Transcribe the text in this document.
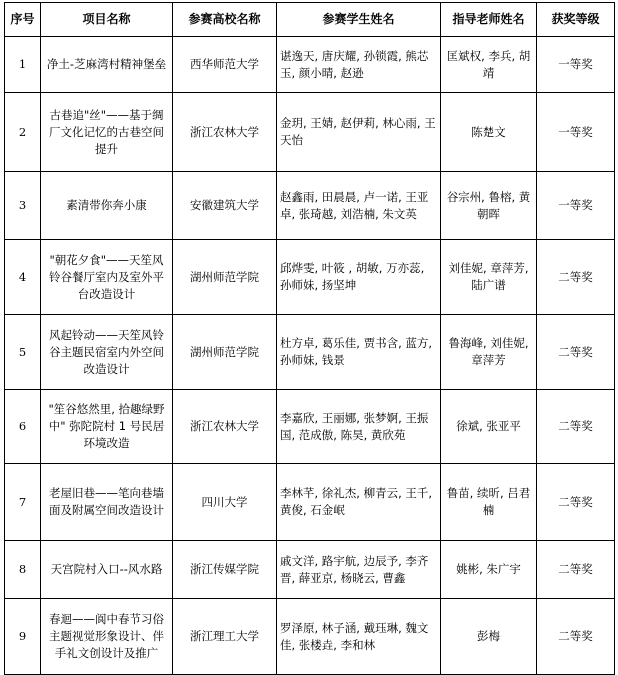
序号	项目名称	参赛高校名称	参赛学生姓名	指导老师姓名	获奖等级
1	净土-芝麻湾村精神堡垒	西华师范大学	谌逸天, 唐庆耀, 孙锁霞, 熊芯玉, 颜小晴, 赵逊	匡斌权, 李兵, 胡靖	一等奖
2	古巷追"丝"——基于绸厂文化记忆的古巷空间提升	浙江农林大学	金玥, 王婧, 赵伊莉, 林心雨, 王天怡	陈楚文	一等奖
3	素清带你奔小康	安徽建筑大学	赵鑫雨, 田晨晨, 卢一诺, 王亚卓, 张琦越, 刘浩楠, 朱文英	谷宗州, 鲁榕, 黄朝晖	一等奖
4	"朝花夕食"——天笙风铃谷餐厅室内及室外平台改造设计	湖州师范学院	邱烨雯, 叶筱 , 胡敏, 万亦蕊, 孙师妹, 扬坚坤	刘佳妮, 章萍芳, 陆广谱	二等奖
5	风起铃动——天笙风铃谷主题民宿室内外空间改造设计	湖州师范学院	杜方卓, 葛乐佳, 贾书含, 蓝方, 孙师妹, 钱景	鲁海峰, 刘佳妮, 章萍芳	二等奖
6	"笙谷悠然里, 拾趣绿野中" 弥陀院村 1 号民居环境改造	浙江农林大学	李嘉欣, 王丽娜, 张梦婀, 王振国, 范成傲, 陈昊, 黄欣苑	徐斌, 张亚平	二等奖
7	老屋旧巷——笔向巷墙面及附属空间改造设计	四川大学	李林芊, 徐礼杰, 柳青云, 王千, 黄俊, 石金岷	鲁苗, 续昕, 吕君楠	二等奖
8	天宫院村入口--风水路	浙江传媒学院	戚文洋, 路宇航, 边辰予, 李齐晋, 薛亚京, 杨晓云, 曹鑫	姚彬, 朱广宇	二等奖
9	春迴——阆中春节习俗主题视觉形象设计、伴手礼文创设计及推广	浙江理工大学	罗泽原, 林子涵, 戴珏琳, 魏文佳, 张楼垚, 李和林	彭梅	二等奖
